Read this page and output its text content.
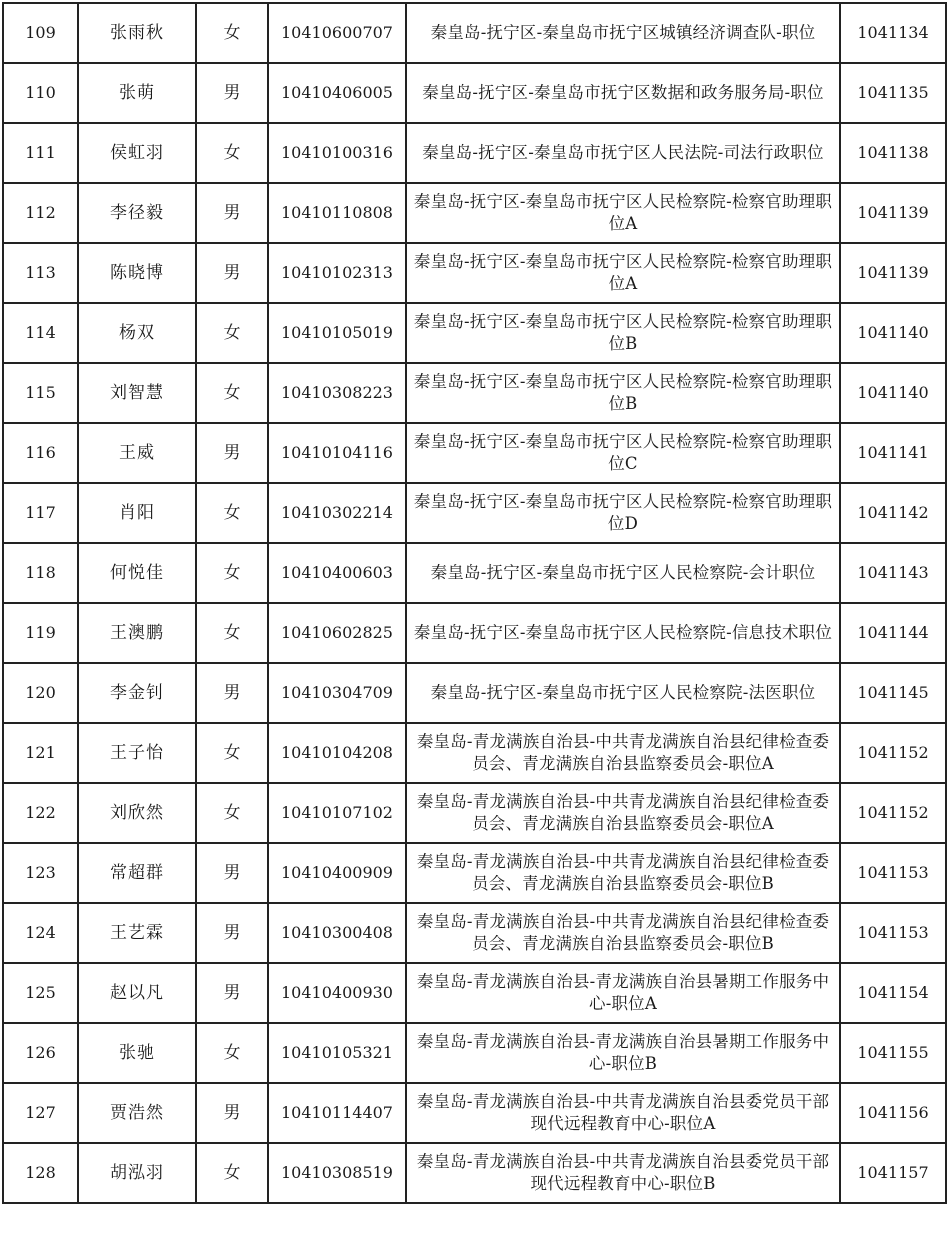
109	张雨秋	女	10410600707	秦皇岛-抚宁区-秦皇岛市抚宁区城镇经济调查队-职位	1041134
110	张萌	男	10410406005	秦皇岛-抚宁区-秦皇岛市抚宁区数据和政务服务局-职位	1041135
111	侯虹羽	女	10410100316	秦皇岛-抚宁区-秦皇岛市抚宁区人民法院-司法行政职位	1041138
112	李径毅	男	10410110808	秦皇岛-抚宁区-秦皇岛市抚宁区人民检察院-检察官助理职位A	1041139
113	陈晓博	男	10410102313	秦皇岛-抚宁区-秦皇岛市抚宁区人民检察院-检察官助理职位A	1041139
114	杨双	女	10410105019	秦皇岛-抚宁区-秦皇岛市抚宁区人民检察院-检察官助理职位B	1041140
115	刘智慧	女	10410308223	秦皇岛-抚宁区-秦皇岛市抚宁区人民检察院-检察官助理职位B	1041140
116	王威	男	10410104116	秦皇岛-抚宁区-秦皇岛市抚宁区人民检察院-检察官助理职位C	1041141
117	肖阳	女	10410302214	秦皇岛-抚宁区-秦皇岛市抚宁区人民检察院-检察官助理职位D	1041142
118	何悦佳	女	10410400603	秦皇岛-抚宁区-秦皇岛市抚宁区人民检察院-会计职位	1041143
119	王澳鹏	女	10410602825	秦皇岛-抚宁区-秦皇岛市抚宁区人民检察院-信息技术职位	1041144
120	李金钊	男	10410304709	秦皇岛-抚宁区-秦皇岛市抚宁区人民检察院-法医职位	1041145
121	王子怡	女	10410104208	秦皇岛-青龙满族自治县-中共青龙满族自治县纪律检查委员会、青龙满族自治县监察委员会-职位A	1041152
122	刘欣然	女	10410107102	秦皇岛-青龙满族自治县-中共青龙满族自治县纪律检查委员会、青龙满族自治县监察委员会-职位A	1041152
123	常超群	男	10410400909	秦皇岛-青龙满族自治县-中共青龙满族自治县纪律检查委员会、青龙满族自治县监察委员会-职位B	1041153
124	王艺霖	男	10410300408	秦皇岛-青龙满族自治县-中共青龙满族自治县纪律检查委员会、青龙满族自治县监察委员会-职位B	1041153
125	赵以凡	男	10410400930	秦皇岛-青龙满族自治县-青龙满族自治县暑期工作服务中心-职位A	1041154
126	张驰	女	10410105321	秦皇岛-青龙满族自治县-青龙满族自治县暑期工作服务中心-职位B	1041155
127	贾浩然	男	10410114407	秦皇岛-青龙满族自治县-中共青龙满族自治县委党员干部现代远程教育中心-职位A	1041156
128	胡泓羽	女	10410308519	秦皇岛-青龙满族自治县-中共青龙满族自治县委党员干部现代远程教育中心-职位B	1041157
